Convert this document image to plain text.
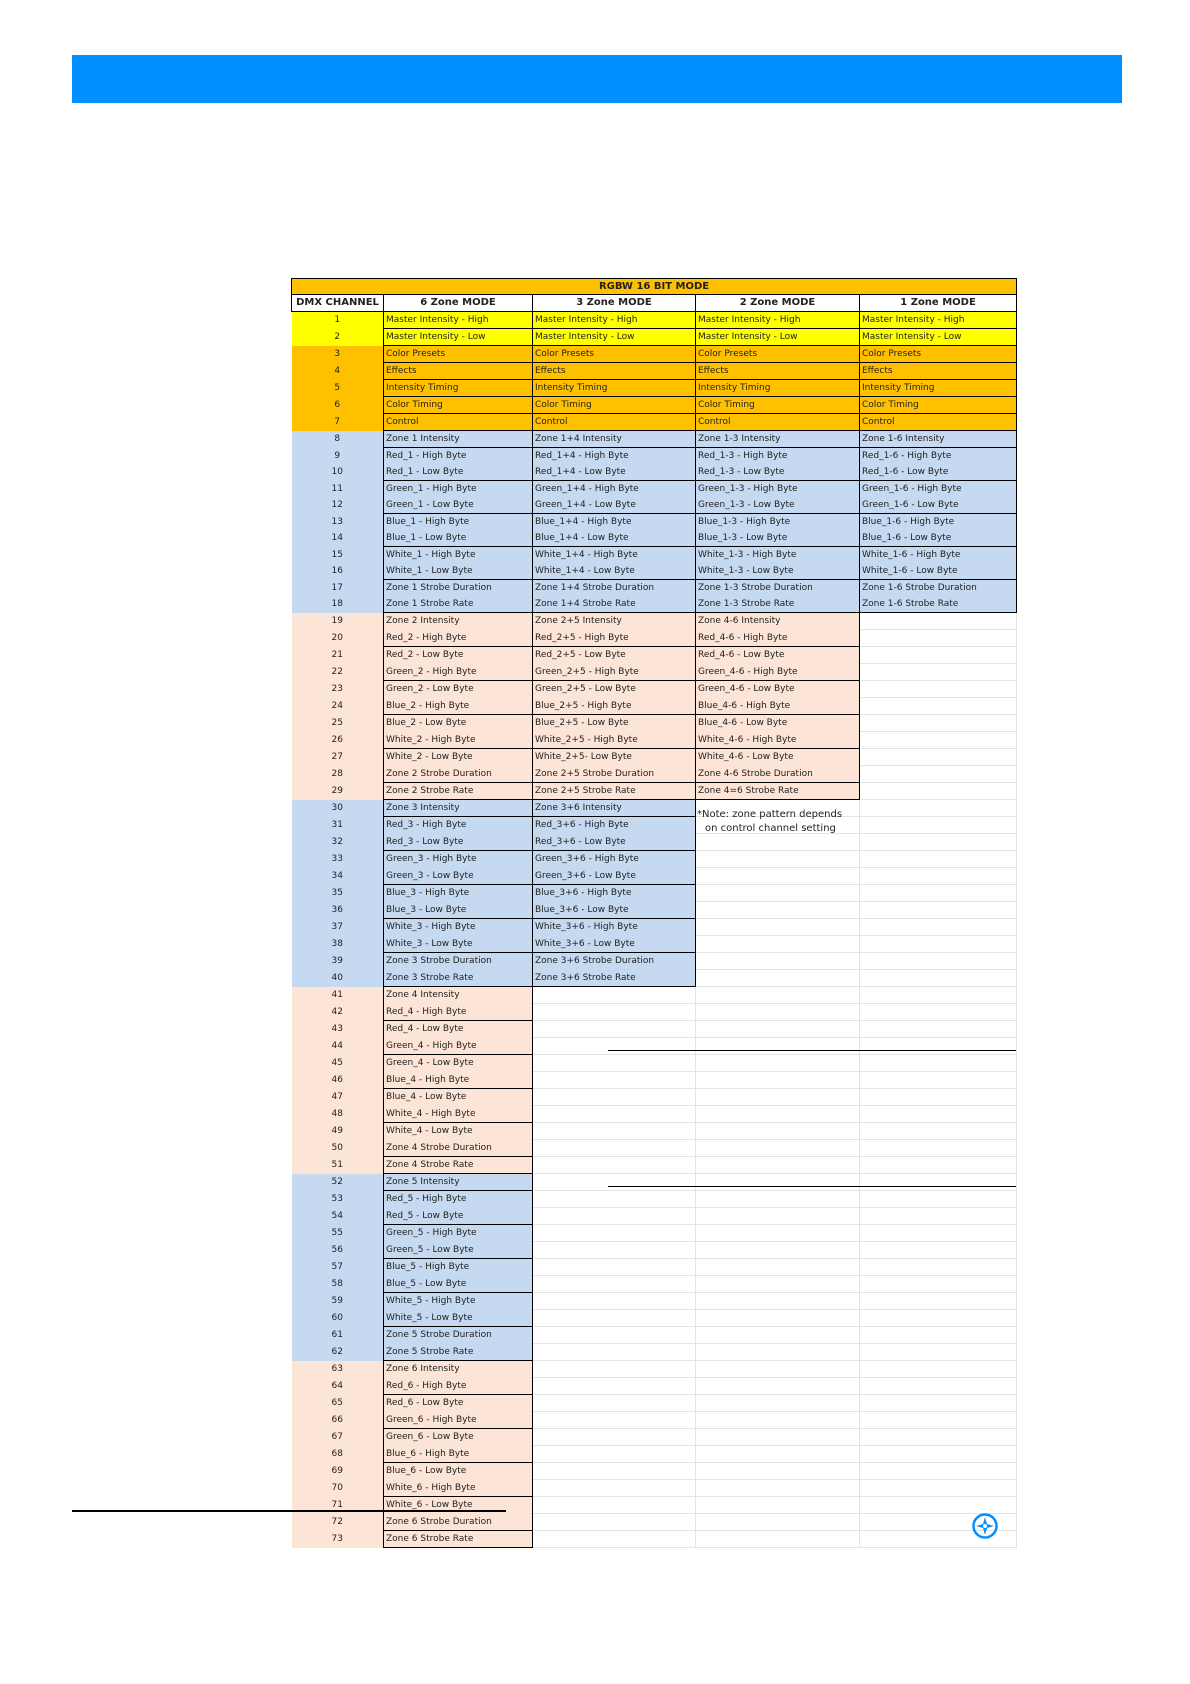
RGBW 16 BIT MODE				
DMX CHANNEL	6 Zone MODE	3 Zone MODE	2 Zone MODE	1 Zone MODE
1	Master Intensity - High	Master Intensity - High	Master Intensity - High	Master Intensity - High
2	Master Intensity - Low	Master Intensity - Low	Master Intensity - Low	Master Intensity - Low
3	Color Presets	Color Presets	Color Presets	Color Presets
4	Effects	Effects	Effects	Effects
5	Intensity Timing	Intensity Timing	Intensity Timing	Intensity Timing
6	Color Timing	Color Timing	Color Timing	Color Timing
7	Control	Control	Control	Control
8	Zone 1 Intensity	Zone 1+4 Intensity	Zone 1-3 Intensity	Zone 1-6 Intensity
9	Red_1 - High Byte	Red_1+4 - High Byte	Red_1-3 - High Byte	Red_1-6 - High Byte
10	Red_1 - Low Byte	Red_1+4 - Low Byte	Red_1-3 - Low Byte	Red_1-6 - Low Byte
11	Green_1 - High Byte	Green_1+4 - High Byte	Green_1-3 - High Byte	Green_1-6 - High Byte
12	Green_1 - Low Byte	Green_1+4 - Low Byte	Green_1-3 - Low Byte	Green_1-6 - Low Byte
13	Blue_1 - High Byte	Blue_1+4 - High Byte	Blue_1-3 - High Byte	Blue_1-6 - High Byte
14	Blue_1 - Low Byte	Blue_1+4 - Low Byte	Blue_1-3 - Low Byte	Blue_1-6 - Low Byte
15	White_1 - High Byte	White_1+4 - High Byte	White_1-3 - High Byte	White_1-6 - High Byte
16	White_1 - Low Byte	White_1+4 - Low Byte	White_1-3 - Low Byte	White_1-6 - Low Byte
17	Zone 1 Strobe Duration	Zone 1+4 Strobe Duration	Zone 1-3 Strobe Duration	Zone 1-6 Strobe Duration
18	Zone 1 Strobe Rate	Zone 1+4 Strobe Rate	Zone 1-3 Strobe Rate	Zone 1-6 Strobe Rate
19	Zone 2 Intensity	Zone 2+5 Intensity	Zone 4-6 Intensity	
20	Red_2 - High Byte	Red_2+5 - High Byte	Red_4-6 - High Byte	
21	Red_2 - Low Byte	Red_2+5 - Low Byte	Red_4-6 - Low Byte	
22	Green_2 - High Byte	Green_2+5 - High Byte	Green_4-6 - High Byte	
23	Green_2 - Low Byte	Green_2+5 - Low Byte	Green_4-6 - Low Byte	
24	Blue_2 - High Byte	Blue_2+5 - High Byte	Blue_4-6 - High Byte	
25	Blue_2 - Low Byte	Blue_2+5 - Low Byte	Blue_4-6 - Low Byte	
26	White_2 - High Byte	White_2+5 - High Byte	White_4-6 - High Byte	
27	White_2 - Low Byte	White_2+5- Low Byte	White_4-6 - Low Byte	
28	Zone 2 Strobe Duration	Zone 2+5 Strobe Duration	Zone 4-6 Strobe Duration	
29	Zone 2 Strobe Rate	Zone 2+5 Strobe Rate	Zone 4=6 Strobe Rate	
30	Zone 3 Intensity	Zone 3+6 Intensity		
31	Red_3 - High Byte	Red_3+6 - High Byte		
32	Red_3 - Low Byte	Red_3+6 - Low Byte		
33	Green_3 - High Byte	Green_3+6 - High Byte		
34	Green_3 - Low Byte	Green_3+6 - Low Byte		
35	Blue_3 - High Byte	Blue_3+6 - High Byte		
36	Blue_3 - Low Byte	Blue_3+6 - Low Byte		
37	White_3 - High Byte	White_3+6 - High Byte		
38	White_3 - Low Byte	White_3+6 - Low Byte		
39	Zone 3 Strobe Duration	Zone 3+6 Strobe Duration		
40	Zone 3 Strobe Rate	Zone 3+6 Strobe Rate		
41	Zone 4 Intensity			
42	Red_4 - High Byte			
43	Red_4 - Low Byte			
44	Green_4 - High Byte			
45	Green_4 - Low Byte			
46	Blue_4 - High Byte			
47	Blue_4 - Low Byte			
48	White_4 - High Byte			
49	White_4 - Low Byte			
50	Zone 4 Strobe Duration			
51	Zone 4 Strobe Rate			
52	Zone 5 Intensity			
53	Red_5 - High Byte			
54	Red_5 - Low Byte			
55	Green_5 - High Byte			
56	Green_5 - Low Byte			
57	Blue_5 - High Byte			
58	Blue_5 - Low Byte			
59	White_5 - High Byte			
60	White_5 - Low Byte			
61	Zone 5 Strobe Duration			
62	Zone 5 Strobe Rate			
63	Zone 6 Intensity			
64	Red_6 - High Byte			
65	Red_6 - Low Byte			
66	Green_6 - High Byte			
67	Green_6 - Low Byte			
68	Blue_6 - High Byte			
69	Blue_6 - Low Byte			
70	White_6 - High Byte			
71	White_6 - Low Byte			
72	Zone 6 Strobe Duration			
73	Zone 6 Strobe Rate			
*Note: zone pattern depends
on control channel setting
